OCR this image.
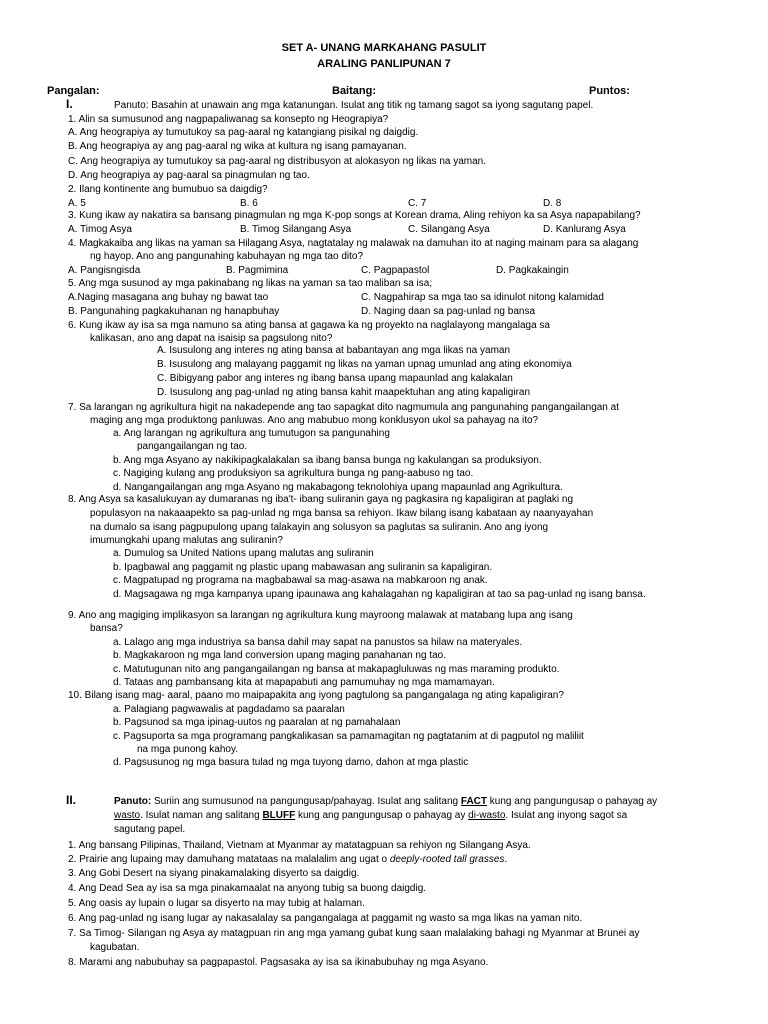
SET A- UNANG MARKAHANG PASULIT
ARALING PANLIPUNAN 7
Pangalan:	Baitang:	Puntos:
I.	Panuto: Basahin at unawain ang mga katanungan. Isulat ang titik ng tamang sagot sa iyong sagutang papel.
1. Alin sa sumusunod ang nagpapaliwanag sa konsepto ng Heograpiya?
A. Ang heograpiya ay tumutukoy sa pag-aaral ng katangiang pisikal ng daigdig.
B. Ang heograpiya ay ang pag-aaral ng wika at kultura ng isang pamayanan.
C. Ang heograpiya ay tumutukoy sa pag-aaral ng distribusyon at alokasyon ng likas na yaman.
D. Ang heograpiya ay pag-aaral sa pinagmulan ng tao.
2. Ilang kontinente ang bumubuo sa daigdig?
A. 5	B. 6	C. 7	D. 8
3. Kung ikaw ay nakatira sa bansang pinagmulan ng mga K-pop songs at Korean drama, Aling rehiyon ka sa Asya napapabilang?
A. Timog Asya	B. Timog Silangang Asya	C. Silangang Asya	D. Kanlurang Asya
4. Magkakaiba ang likas na yaman sa Hilagang Asya, nagtatalay ng malawak na damuhan ito at naging mainam para sa alagang
ng hayop. Ano ang pangunahing kabuhayan ng mga tao dito?
A. Pangisngisda	B. Pagmimina	C. Pagpapastol	D. Pagkakaingin
5. Ang mga susunod ay mga pakinabang ng likas na yaman sa tao maliban sa isa;
A.Naging masagana ang buhay ng bawat tao	C. Nagpahirap sa mga tao sa idinulot nitong kalamidad
B. Pangunahing pagkakuhanan ng hanapbuhay	D. Naging daan sa pag-unlad ng bansa
6. Kung ikaw ay isa sa mga namuno sa ating bansa at gagawa ka ng proyekto na naglalayong mangalaga sa
kalikasan, ano ang dapat na isaisip sa pagsulong nito?
A. Isusulong ang interes ng ating bansa at babantayan ang mga likas na yaman
B. Isusulong ang malayang paggamit ng likas na yaman upnag umunlad ang ating ekonomiya
C. Bibigyang pabor ang interes ng ibang bansa upang mapaunlad ang kalakalan
D. Isusulong ang pag-unlad ng ating bansa kahit maapektuhan ang ating kapaligiran
7. Sa larangan ng agrikultura higit na nakadepende ang tao sapagkat dito nagmumula ang pangunahing pangangailangan at
maging ang mga produktong panluwas. Ano ang mabubuo mong konklusyon ukol sa pahayag na ito?
a. Ang larangan ng agrikultura ang tumutugon sa pangunahing
pangangailangan ng tao.
b. Ang mga Asyano ay nakikipagkalakalan sa ibang bansa bunga ng kakulangan sa produksiyon.
c. Nagiging kulang ang produksiyon sa agrikultura bunga ng pang-aabuso ng tao.
d. Nangangailangan ang mga Asyano ng makabagong teknolohiya upang mapaunlad ang Agrikultura.
8. Ang Asya sa kasalukuyan ay dumaranas ng iba't- ibang suliranin gaya ng pagkasira ng kapaligiran at paglaki ng
populasyon na nakaaapekto sa pag-unlad ng mga bansa sa rehiyon. Ikaw bilang isang kabataan ay naanyayahan
na dumalo sa isang pagpupulong upang talakayin ang solusyon sa paglutas sa suliranin. Ano ang iyong
imumungkahi upang malutas ang suliranin?
a. Dumulog sa United Nations upang malutas ang suliranin
b. Ipagbawal ang paggamit ng plastic upang mabawasan ang suliranin sa kapaligiran.
c. Magpatupad ng programa na magbabawal sa mag-asawa na mabkaroon ng anak.
d. Magsagawa ng mga kampanya upang ipaunawa ang kahalagahan ng kapaligiran at tao sa pag-unlad ng isang bansa.
9. Ano ang magiging implikasyon sa larangan ng agrikultura kung mayroong malawak at matabang lupa ang isang
bansa?
a. Lalago ang mga industriya sa bansa dahil may sapat na panustos sa hilaw na materyales.
b. Magkakaroon ng mga land conversion upang maging panahanan ng tao.
c. Matutugunan nito ang pangangailangan ng bansa at makapagluluwas ng mas maraming produkto.
d. Tataas ang pambansang kita at mapapabuti ang pamumuhay ng mga mamamayan.
10. Bilang isang mag- aaral, paano mo maipapakita ang iyong pagtulong sa pangangalaga ng ating kapaligiran?
a. Palagiang pagwawalis at pagdadamo sa paaralan
b. Pagsunod sa mga ipinag-uutos ng paaralan at ng pamahalaan
c. Pagsuporta sa mga programang pangkalikasan sa pamamagitan ng pagtatanim at di pagputol ng maliliit
na mga punong kahoy.
d. Pagsusunog ng mga basura tulad ng mga tuyong damo, dahon at mga plastic
II.	Panuto: Suriin ang sumusunod na pangungusap/pahayag. Isulat ang salitang FACT kung ang pangungusap o pahayag ay
wasto. Isulat naman ang salitang BLUFF kung ang pangungusap o pahayag ay di-wasto. Isulat ang inyong sagot sa
sagutang papel.
1. Ang bansang Pilipinas, Thailand, Vietnam at Myanmar ay matatagpuan sa rehiyon ng Silangang Asya.
2. Prairie ang lupaing may damuhang matataas na malalalim ang ugat o deeply-rooted tall grasses.
3. Ang Gobi Desert na siyang pinakamalaking disyerto sa daigdig.
4. Ang Dead Sea ay isa sa mga pinakamaalat na anyong tubig sa buong daigdig.
5. Ang oasis ay lupain o lugar sa disyerto na may tubig at halaman.
6. Ang pag-unlad ng isang lugar ay nakasalalay sa pangangalaga at paggamit ng wasto sa mga likas na yaman nito.
7. Sa Timog- Silangan ng Asya ay matagpuan rin ang mga yamang gubat kung saan malalaking bahagi ng Myanmar at Brunei ay
kagubatan.
8. Marami ang nabubuhay sa pagpapastol. Pagsasaka ay isa sa ikinabubuhay ng mga Asyano.
